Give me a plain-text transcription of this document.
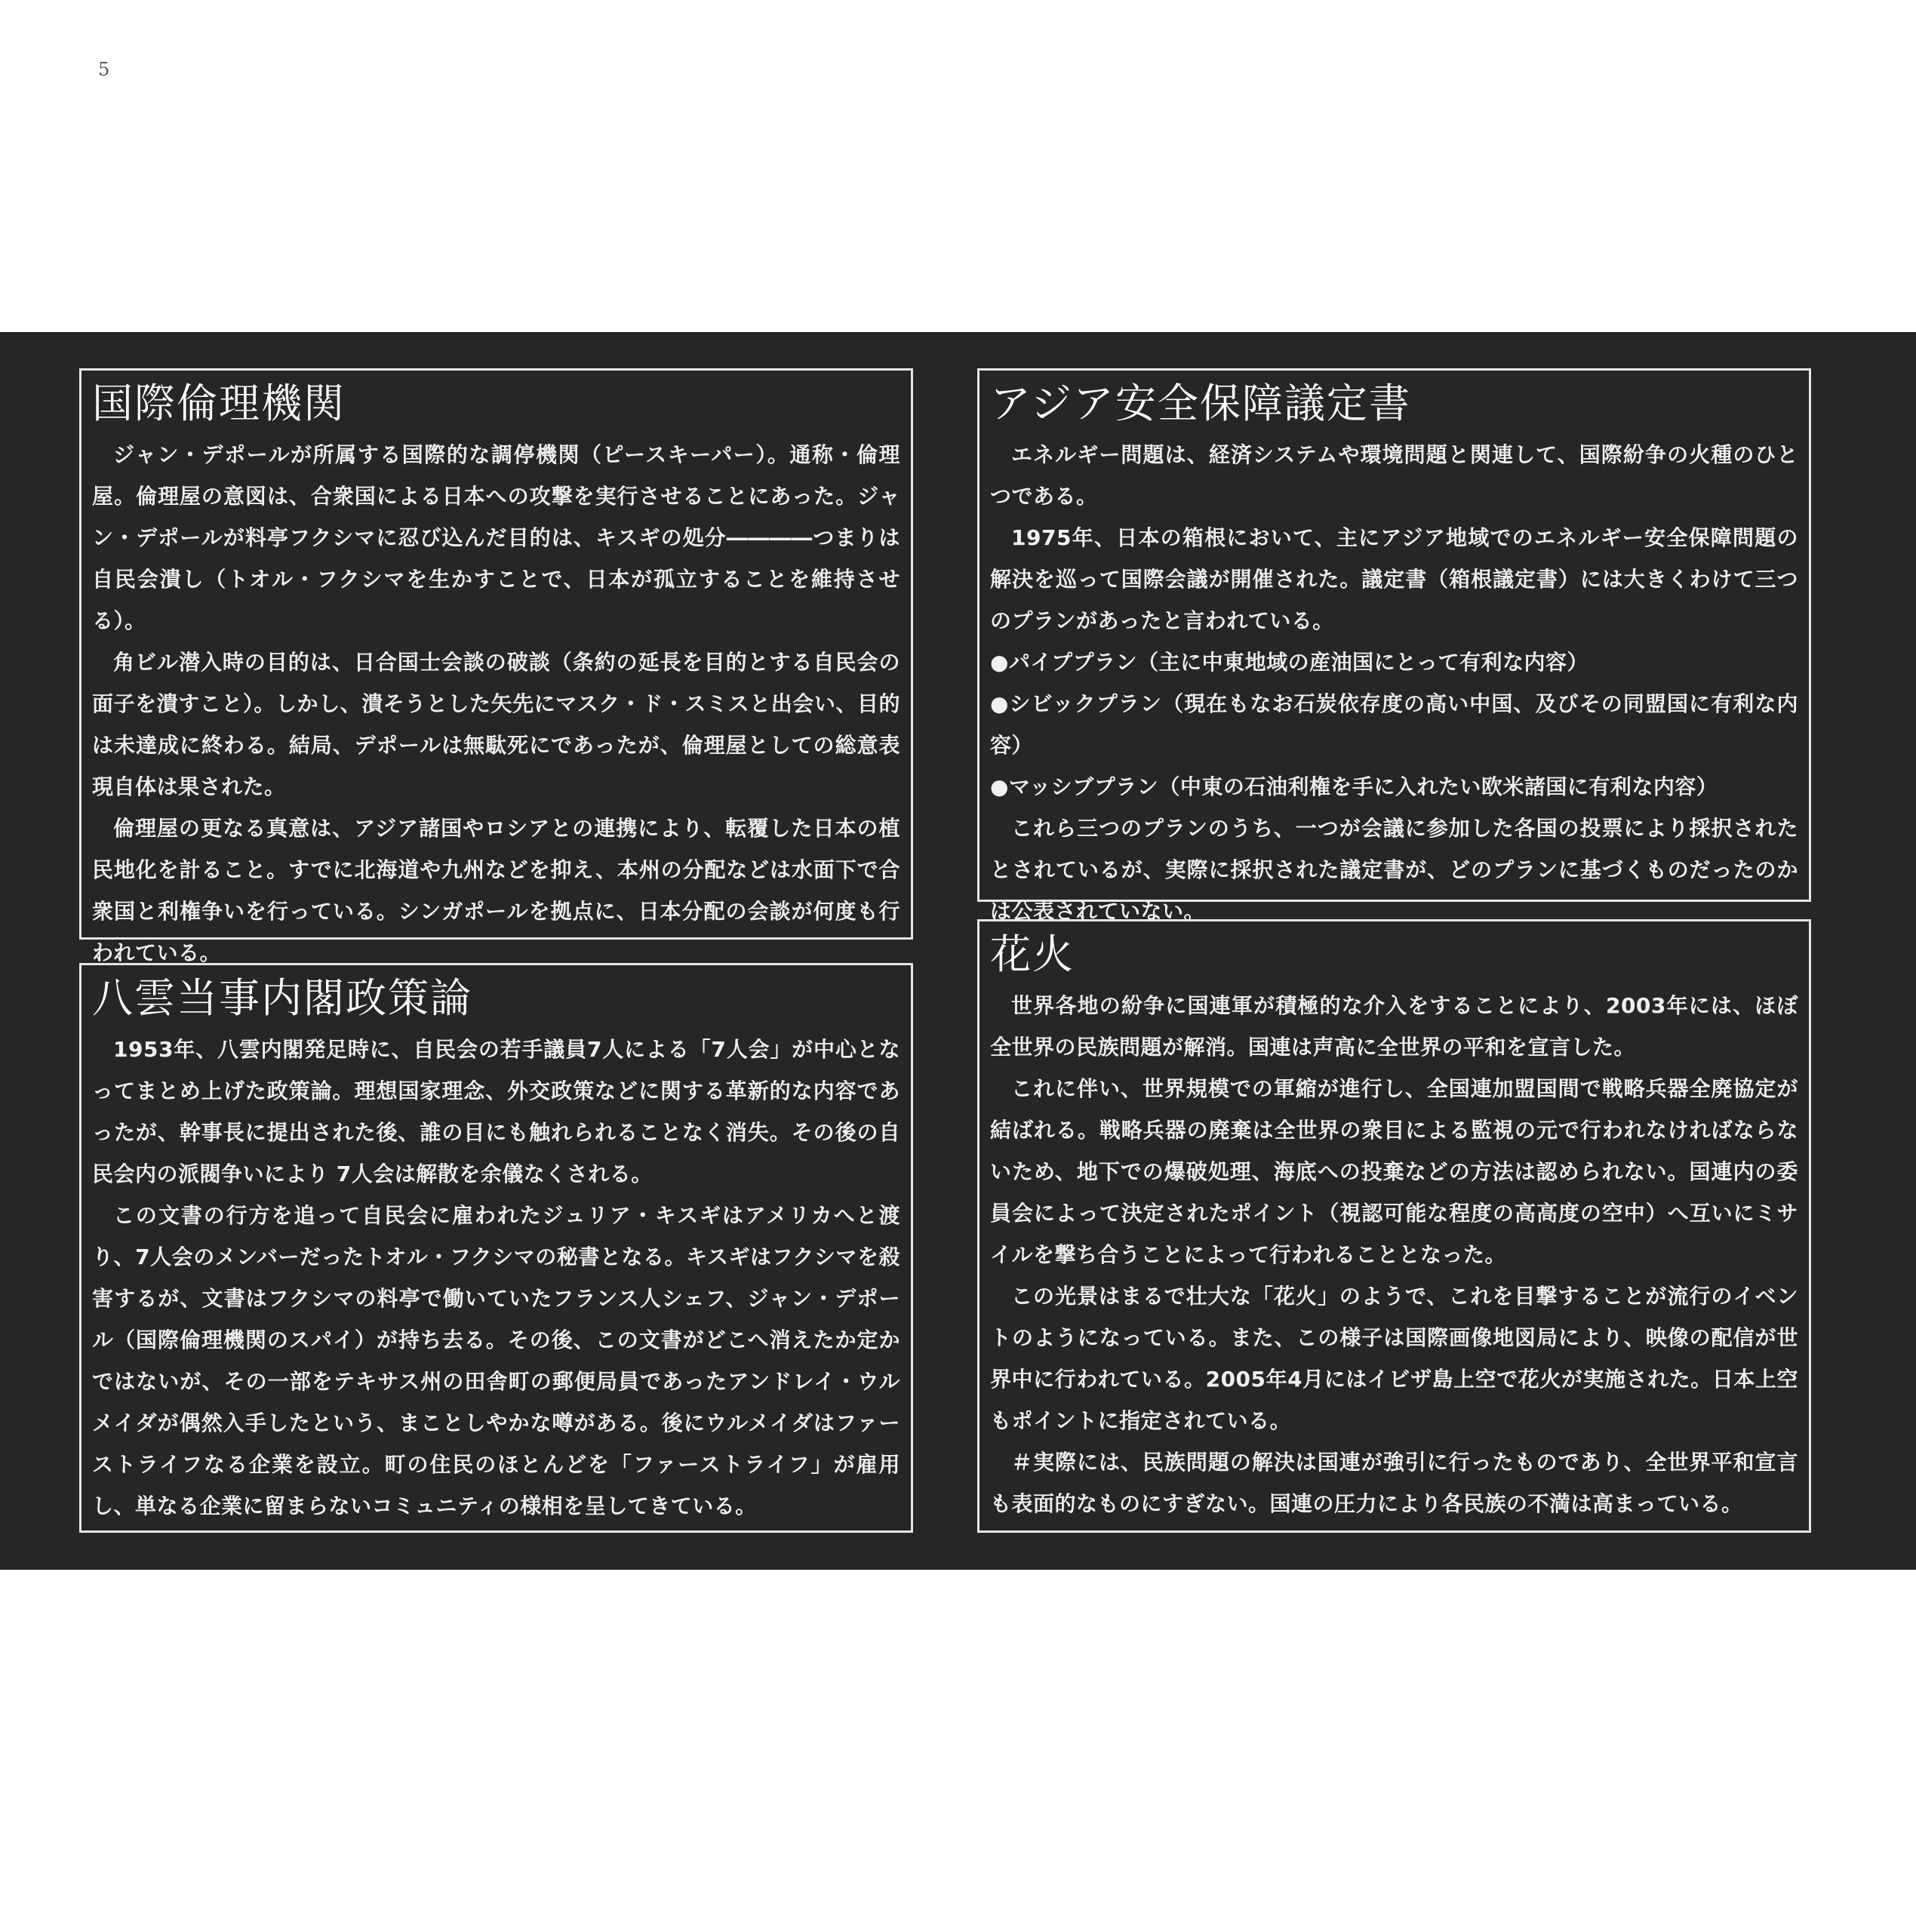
5
国際倫理機関

ジャン・デポールが所属する国際的な調停機関（ピースキーパー）。通称・倫理屋。倫理屋の意図は、合衆国による日本への攻撃を実行させることにあった。ジャン・デポールが料亭フクシマに忍び込んだ目的は、キスギの処分――――つまりは自民会潰し（トオル・フクシマを生かすことで、日本が孤立することを維持させる）。

角ビル潜入時の目的は、日合国士会談の破談（条約の延長を目的とする自民会の面子を潰すこと）。しかし、潰そうとした矢先にマスク・ド・スミスと出会い、目的は未達成に終わる。結局、デポールは無駄死にであったが、倫理屋としての総意表現自体は果された。

倫理屋の更なる真意は、アジア諸国やロシアとの連携により、転覆した日本の植民地化を計ること。すでに北海道や九州などを抑え、本州の分配などは水面下で合衆国と利権争いを行っている。シンガポールを拠点に、日本分配の会談が何度も行われている。

アジア安全保障議定書

エネルギー問題は、経済システムや環境問題と関連して、国際紛争の火種のひとつである。

1975年、日本の箱根において、主にアジア地域でのエネルギー安全保障問題の解決を巡って国際会議が開催された。議定書（箱根議定書）には大きくわけて三つのプランがあったと言われている。

●パイププラン（主に中東地域の産油国にとって有利な内容）

●シビックプラン（現在もなお石炭依存度の高い中国、及びその同盟国に有利な内容）

●マッシブプラン（中東の石油利権を手に入れたい欧米諸国に有利な内容）

これら三つのプランのうち、一つが会議に参加した各国の投票により採択されたとされているが、実際に採択された議定書が、どのプランに基づくものだったのかは公表されていない。

八雲当事内閣政策論

1953年、八雲内閣発足時に、自民会の若手議員7人による「7人会」が中心となってまとめ上げた政策論。理想国家理念、外交政策などに関する革新的な内容であったが、幹事長に提出された後、誰の目にも触れられることなく消失。その後の自民会内の派閥争いにより 7人会は解散を余儀なくされる。

この文書の行方を追って自民会に雇われたジュリア・キスギはアメリカへと渡り、7人会のメンバーだったトオル・フクシマの秘書となる。キスギはフクシマを殺害するが、文書はフクシマの料亭で働いていたフランス人シェフ、ジャン・デポール（国際倫理機関のスパイ）が持ち去る。その後、この文書がどこへ消えたか定かではないが、その一部をテキサス州の田舎町の郵便局員であったアンドレイ・ウルメイダが偶然入手したという、まことしやかな噂がある。後にウルメイダはファーストライフなる企業を設立。町の住民のほとんどを「ファーストライフ」が雇用し、単なる企業に留まらないコミュニティの様相を呈してきている。

花火

世界各地の紛争に国連軍が積極的な介入をすることにより、2003年には、ほぼ全世界の民族問題が解消。国連は声高に全世界の平和を宣言した。

これに伴い、世界規模での軍縮が進行し、全国連加盟国間で戦略兵器全廃協定が結ばれる。戦略兵器の廃棄は全世界の衆目による監視の元で行われなければならないため、地下での爆破処理、海底への投棄などの方法は認められない。国連内の委員会によって決定されたポイント（視認可能な程度の高高度の空中）へ互いにミサイルを撃ち合うことによって行われることとなった。

この光景はまるで壮大な「花火」のようで、これを目撃することが流行のイベントのようになっている。また、この様子は国際画像地図局により、映像の配信が世界中に行われている。2005年4月にはイビザ島上空で花火が実施された。日本上空もポイントに指定されている。

＃実際には、民族問題の解決は国連が強引に行ったものであり、全世界平和宣言も表面的なものにすぎない。国連の圧力により各民族の不満は高まっている。
